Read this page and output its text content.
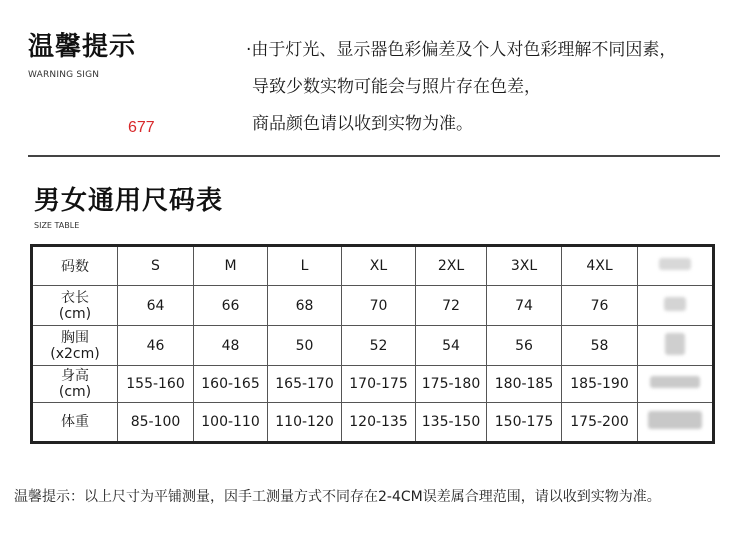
温馨提示
WARNING SIGN
677
·由于灯光、显示器色彩偏差及个人对色彩理解不同因素，
导致少数实物可能会与照片存在色差，
商品颜色请以收到实物为准。
男女通用尺码表
SIZE TABLE
码数	S	M	L	XL	2XL	3XL	4XL	
衣长
(cm)	64	66	68	70	72	74	76	
胸围
(x2cm)	46	48	50	52	54	56	58	
身高
(cm)	155-160	160-165	165-170	170-175	175-180	180-185	185-190	
体重	85-100	100-110	110-120	120-135	135-150	150-175	175-200	
温馨提示：以上尺寸为平铺测量，因手工测量方式不同存在2-4CM误差属合理范围，请以收到实物为准。
